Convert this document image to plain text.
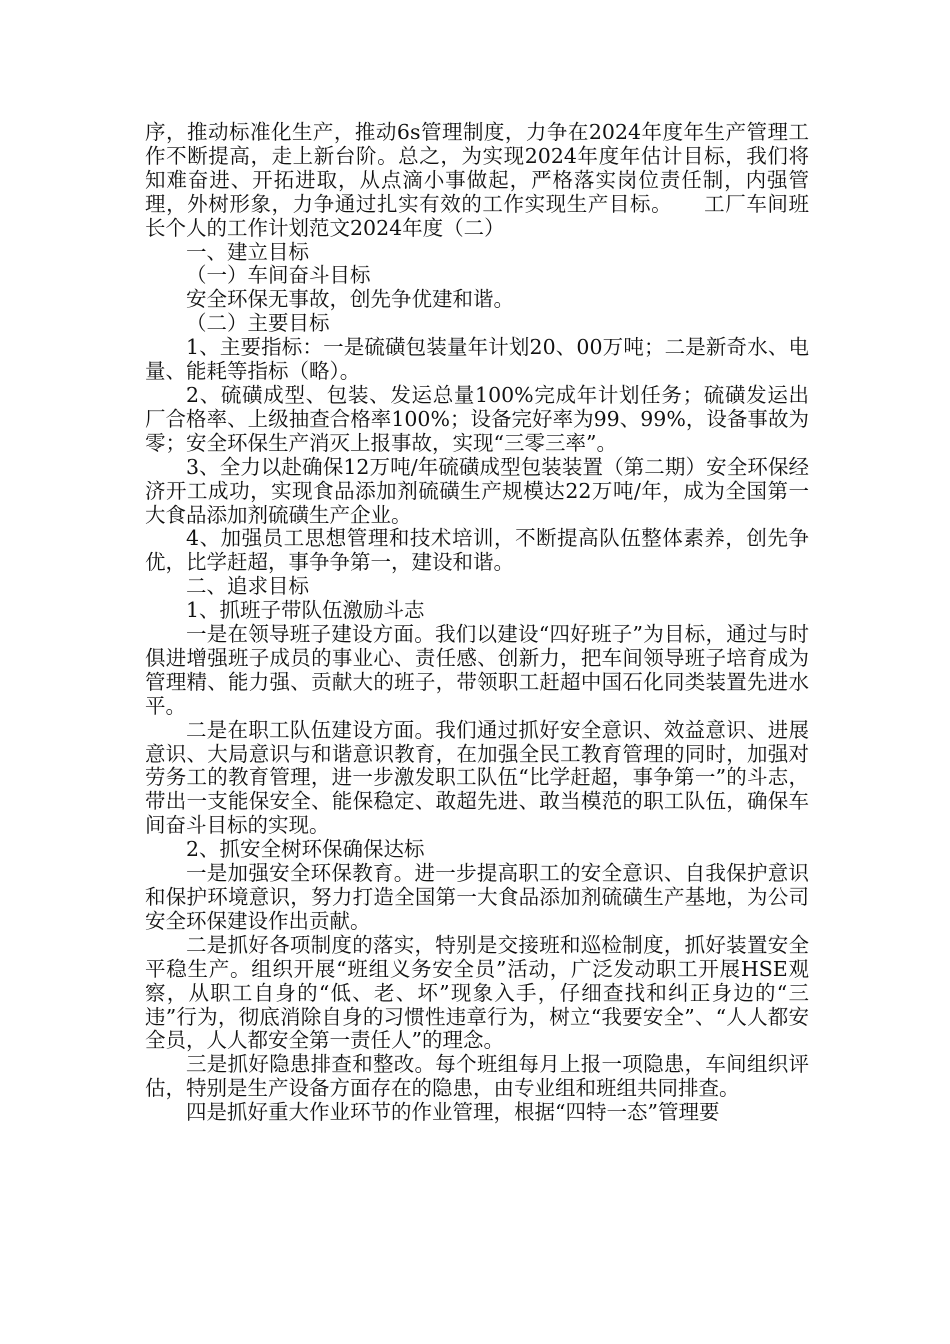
序，推动标准化生产，推动6s管理制度，力争在2024年度年生产管理工作不断提高，走上新台阶。总之，为实现2024年度年估计目标，我们将知难奋进、开拓进取，从点滴小事做起，严格落实岗位责任制，内强管理，外树形象，力争通过扎实有效的工作实现生产目标。　　工厂车间班长个人的工作计划范文2024年度（二）

一、建立目标

（一）车间奋斗目标

安全环保无事故，创先争优建和谐。

（二）主要目标

1、主要指标：一是硫磺包装量年计划20、00万吨；二是新奇水、电量、能耗等指标（略）。

2、硫磺成型、包装、发运总量100%完成年计划任务；硫磺发运出厂合格率、上级抽查合格率100%；设备完好率为99、99%，设备事故为零；安全环保生产消灭上报事故，实现“三零三率”。

3、全力以赴确保12万吨/年硫磺成型包装装置（第二期）安全环保经济开工成功，实现食品添加剂硫磺生产规模达22万吨/年，成为全国第一大食品添加剂硫磺生产企业。

4、加强员工思想管理和技术培训，不断提高队伍整体素养，创先争优，比学赶超，事争争第一，建设和谐。

二、追求目标

1、抓班子带队伍激励斗志

一是在领导班子建设方面。我们以建设“四好班子”为目标，通过与时俱进增强班子成员的事业心、责任感、创新力，把车间领导班子培育成为管理精、能力强、贡献大的班子，带领职工赶超中国石化同类装置先进水平。

二是在职工队伍建设方面。我们通过抓好安全意识、效益意识、进展意识、大局意识与和谐意识教育，在加强全民工教育管理的同时，加强对劳务工的教育管理，进一步激发职工队伍“比学赶超，事争第一”的斗志，带出一支能保安全、能保稳定、敢超先进、敢当模范的职工队伍，确保车间奋斗目标的实现。

2、抓安全树环保确保达标

一是加强安全环保教育。进一步提高职工的安全意识、自我保护意识和保护环境意识，努力打造全国第一大食品添加剂硫磺生产基地，为公司安全环保建设作出贡献。

二是抓好各项制度的落实，特别是交接班和巡检制度，抓好装置安全平稳生产。组织开展“班组义务安全员”活动，广泛发动职工开展HSE观察，从职工自身的“低、老、坏”现象入手，仔细查找和纠正身边的“三违”行为，彻底消除自身的习惯性违章行为，树立“我要安全”、“人人都安全员，人人都安全第一责任人”的理念。

三是抓好隐患排查和整改。每个班组每月上报一项隐患，车间组织评估，特别是生产设备方面存在的隐患，由专业组和班组共同排查。

四是抓好重大作业环节的作业管理，根据“四特一态”管理要
